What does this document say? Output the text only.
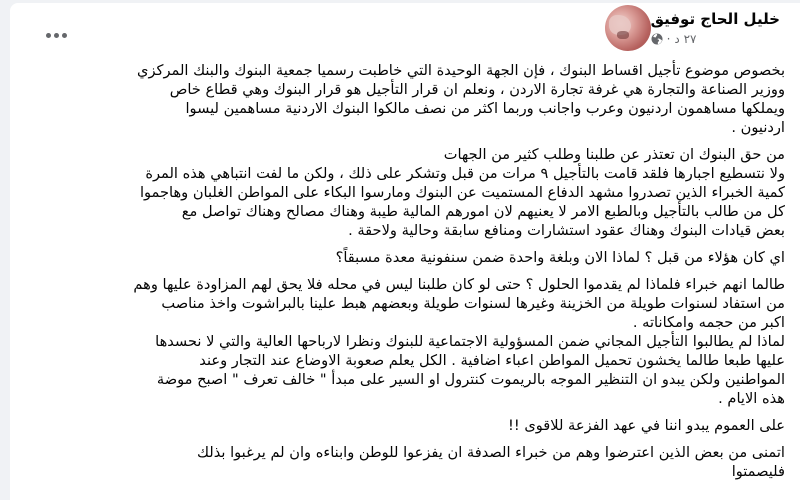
خليل الحاج توفيق
٢٧ د
·

بخصوص موضوع تأجيل اقساط البنوك ، فإن الجهة الوحيدة التي خاطبت رسميا جمعية البنوك والبنك المركزي
ووزير الصناعة والتجارة هي غرفة تجارة الاردن ، ونعلم ان قرار التأجيل هو قرار البنوك وهي قطاع خاص
ويملكها مساهمون اردنيون وعرب واجانب وربما اكثر من نصف مالكوا البنوك الاردنية مساهمين ليسوا
اردنيون .

من حق البنوك ان تعتذر عن طلبنا وطلب كثير من الجهات
ولا نتسطيع اجبارها فلقد قامت بالتأجيل ٩ مرات من قبل وتشكر على ذلك ، ولكن ما لفت انتباهي هذه المرة
كمية الخبراء الذين تصدروا مشهد الدفاع المستميت عن البنوك ومارسوا البكاء على المواطن الغلبان وهاجموا
كل من طالب بالتأجيل وبالطبع الامر لا يعنيهم لان امورهم المالية طيبة وهناك مصالح وهناك تواصل مع
بعض قيادات البنوك وهناك عقود استشارات ومنافع سابقة وحالية ولاحقة .

اي كان هؤلاء من قبل ؟ لماذا الان وبلغة واحدة ضمن سنفونية معدة مسبقاً؟

طالما انهم خبراء فلماذا لم يقدموا الحلول ؟ حتى لو كان طلبنا ليس في محله فلا يحق لهم المزاودة عليها وهم
من استفاد لسنوات طويلة من الخزينة وغيرها لسنوات طويلة وبعضهم هبط علينا بالبراشوت واخذ مناصب
اكبر من حجمه وامكاناته .
لماذا لم يطالبوا التأجيل المجاني ضمن المسؤولية الاجتماعية للبنوك ونظرا لارباحها العالية والتي لا نحسدها
عليها طبعا طالما يخشون تحميل المواطن اعباء اضافية . الكل يعلم صعوبة الاوضاع عند التجار وعند
المواطنين ولكن يبدو ان التنظير الموجه بالريموت كنترول او السير على مبدأ " خالف تعرف " اصبح موضة
هذه الايام .

على العموم يبدو اننا في عهد الفزعة للاقوى !!

اتمنى من بعض الذين اعترضوا وهم من خبراء الصدفة ان يفزعوا للوطن وابناءه وان لم يرغبوا بذلك
فليصمتوا
